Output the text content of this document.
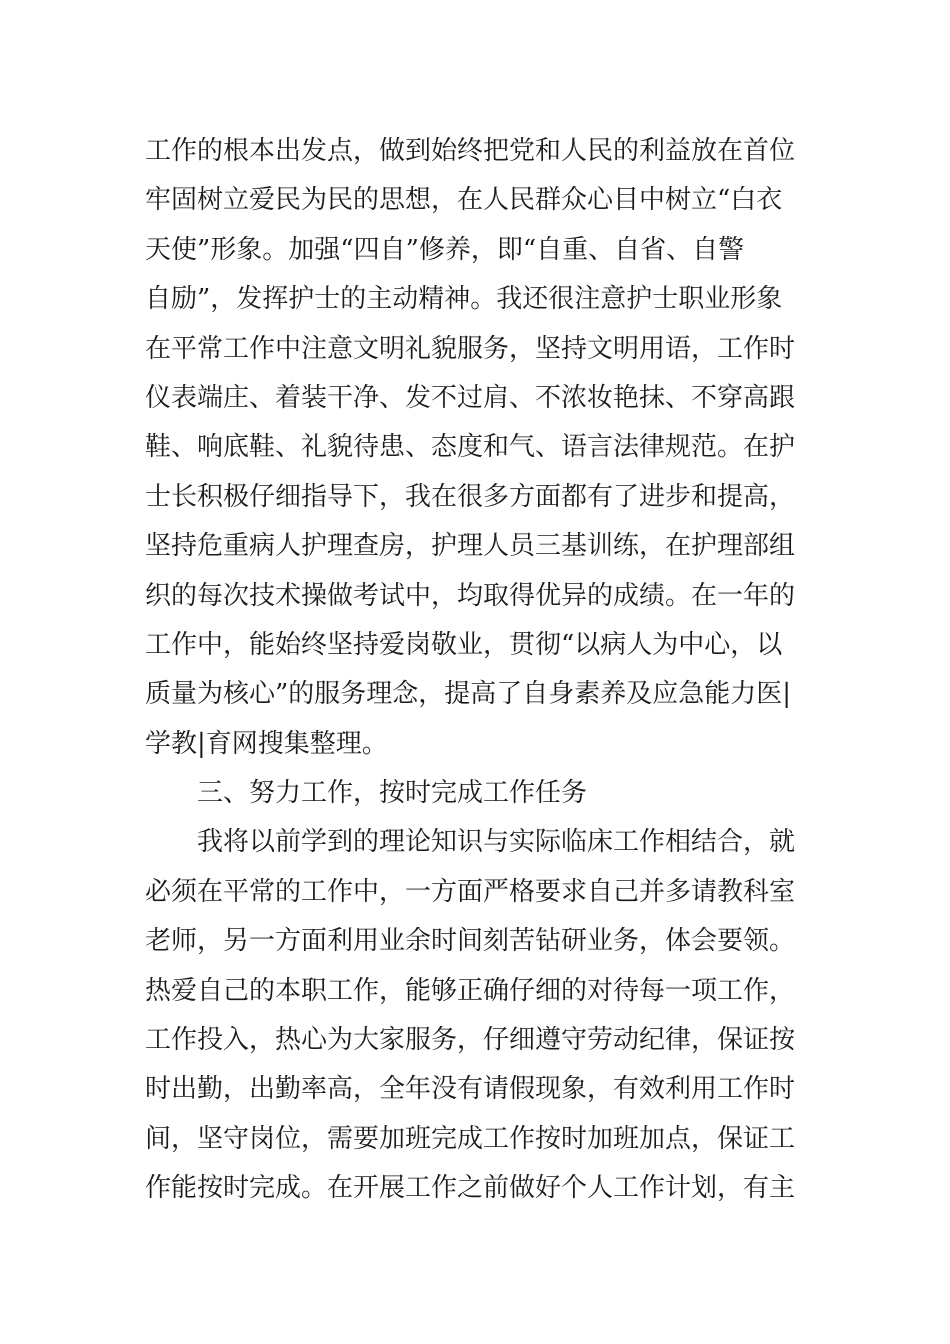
工作的根本出发点，做到始终把党和人民的利益放在首位
牢固树立爱民为民的思想，在人民群众心目中树立“白衣
天使”形象。加强“四自”修养，即“自重、自省、自警
自励”，发挥护士的主动精神。我还很注意护士职业形象
在平常工作中注意文明礼貌服务，坚持文明用语，工作时
仪表端庄、着装干净、发不过肩、不浓妆艳抹、不穿高跟
鞋、响底鞋、礼貌待患、态度和气、语言法律规范。在护
士长积极仔细指导下，我在很多方面都有了进步和提高，
坚持危重病人护理查房，护理人员三基训练，在护理部组
织的每次技术操做考试中，均取得优异的成绩。在一年的
工作中，能始终坚持爱岗敬业，贯彻“以病人为中心，以
质量为核心”的服务理念，提高了自身素养及应急能力医|
学教|育网搜集整理。
三、努力工作，按时完成工作任务
我将以前学到的理论知识与实际临床工作相结合，就
必须在平常的工作中，一方面严格要求自己并多请教科室
老师，另一方面利用业余时间刻苦钻研业务，体会要领。
热爱自己的本职工作，能够正确仔细的对待每一项工作，
工作投入，热心为大家服务，仔细遵守劳动纪律，保证按
时出勤，出勤率高，全年没有请假现象，有效利用工作时
间，坚守岗位，需要加班完成工作按时加班加点，保证工
作能按时完成。在开展工作之前做好个人工作计划，有主
